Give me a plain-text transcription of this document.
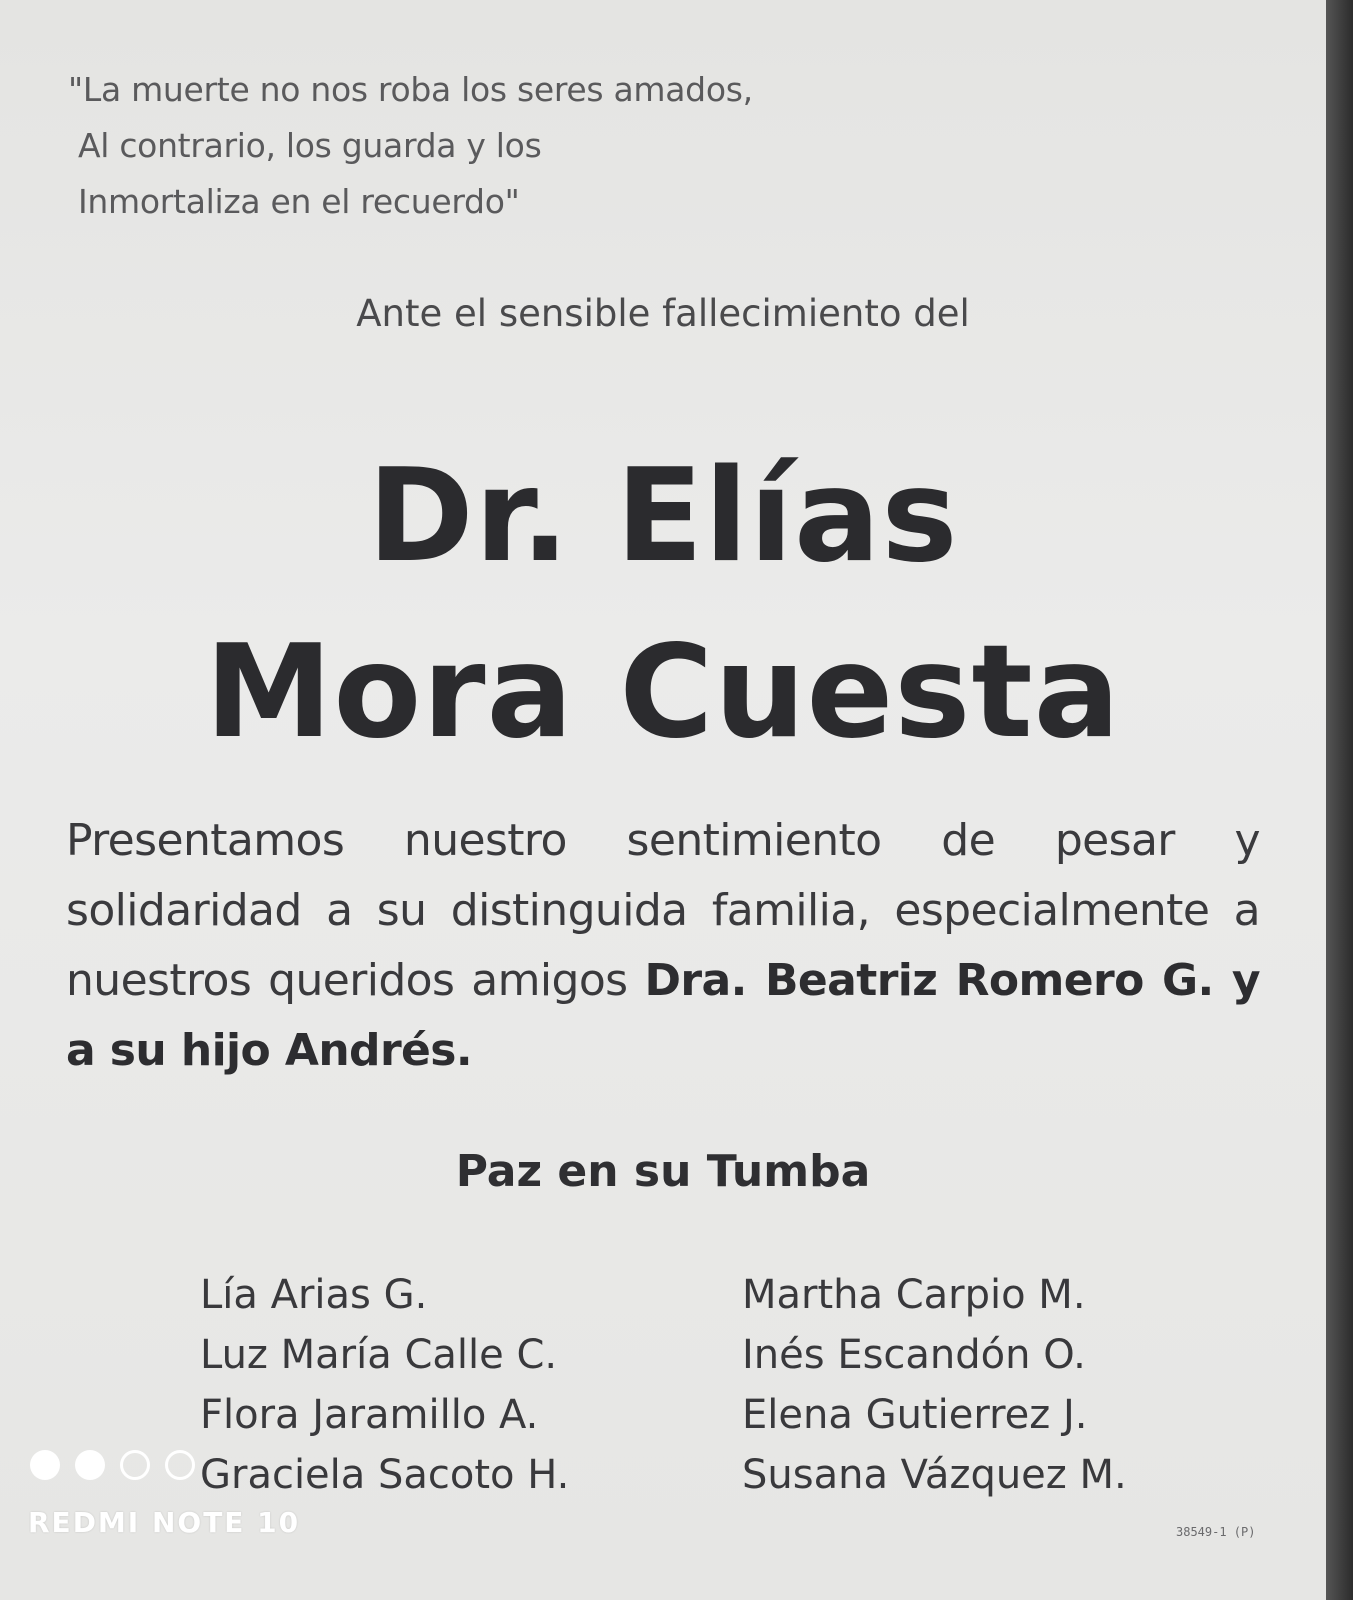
"La muerte no nos roba los seres amados,
Al contrario, los guarda y los
Inmortaliza en el recuerdo"
Ante el sensible fallecimiento del
Dr. Elías
Mora Cuesta
Presentamos nuestro sentimiento de pesar y solidaridad a su distinguida familia, especialmente a nuestros queridos amigos Dra. Beatriz Romero G. y a su hijo Andrés.
Paz en su Tumba
Lía Arias G.
Luz María Calle C.
Flora Jaramillo A.
Graciela Sacoto H.
Martha Carpio M.
Inés Escandón O.
Elena Gutierrez J.
Susana Vázquez M.
38549-1 (P)
REDMI NOTE 10
